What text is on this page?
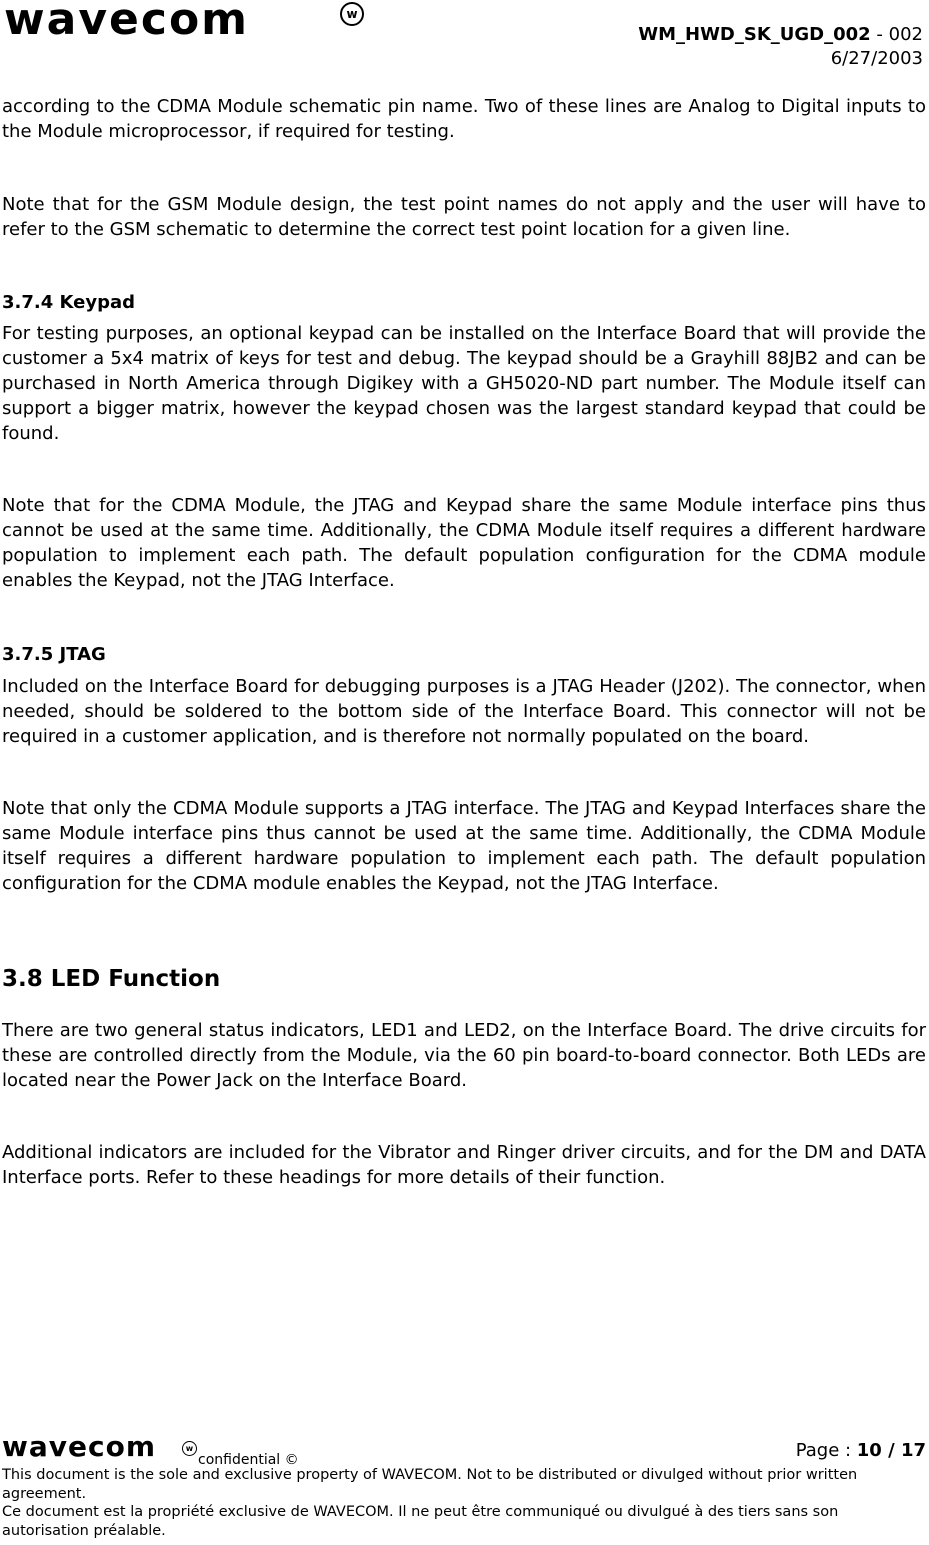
wavecom	w
WM_HWD_SK_UGD_002 - 002
6/27/2003

according to the CDMA Module schematic pin name. Two of these lines are Analog to Digital inputs to the Module microprocessor, if required for testing.

Note that for the GSM Module design, the test point names do not apply and the user will have to refer to the GSM schematic to determine the correct test point location for a given line.

3.7.4 Keypad

For testing purposes, an optional keypad can be installed on the Interface Board that will provide the customer a 5x4 matrix of keys for test and debug. The keypad should be a Grayhill 88JB2 and can be purchased in North America through Digikey with a GH5020-ND part number. The Module itself can support a bigger matrix, however the keypad chosen was the largest standard keypad that could be found.

Note that for the CDMA Module, the JTAG and Keypad share the same Module interface pins thus cannot be used at the same time. Additionally, the CDMA Module itself requires a different hardware population to implement each path. The default population configuration for the CDMA module enables the Keypad, not the JTAG Interface.

3.7.5 JTAG

Included on the Interface Board for debugging purposes is a JTAG Header (J202). The connector, when needed, should be soldered to the bottom side of the Interface Board. This connector will not be required in a customer application, and is therefore not normally populated on the board.

Note that only the CDMA Module supports a JTAG interface. The JTAG and Keypad Interfaces share the same Module interface pins thus cannot be used at the same time. Additionally, the CDMA Module itself requires a different hardware population to implement each path. The default population configuration for the CDMA module enables the Keypad, not the JTAG Interface.

3.8 LED Function

There are two general status indicators, LED1 and LED2, on the Interface Board. The drive circuits for these are controlled directly from the Module, via the 60 pin board-to-board connector. Both LEDs are located near the Power Jack on the Interface Board.

Additional indicators are included for the Vibrator and Ringer driver circuits, and for the DM and DATA Interface ports. Refer to these headings for more details of their function.

wavecom	w
confidential ©	Page : 10 / 17
This document is the sole and exclusive property of WAVECOM. Not to be distributed or divulged without prior written agreement.
Ce document est la propriété exclusive de WAVECOM. Il ne peut être communiqué ou divulgué à des tiers sans son autorisation préalable.
